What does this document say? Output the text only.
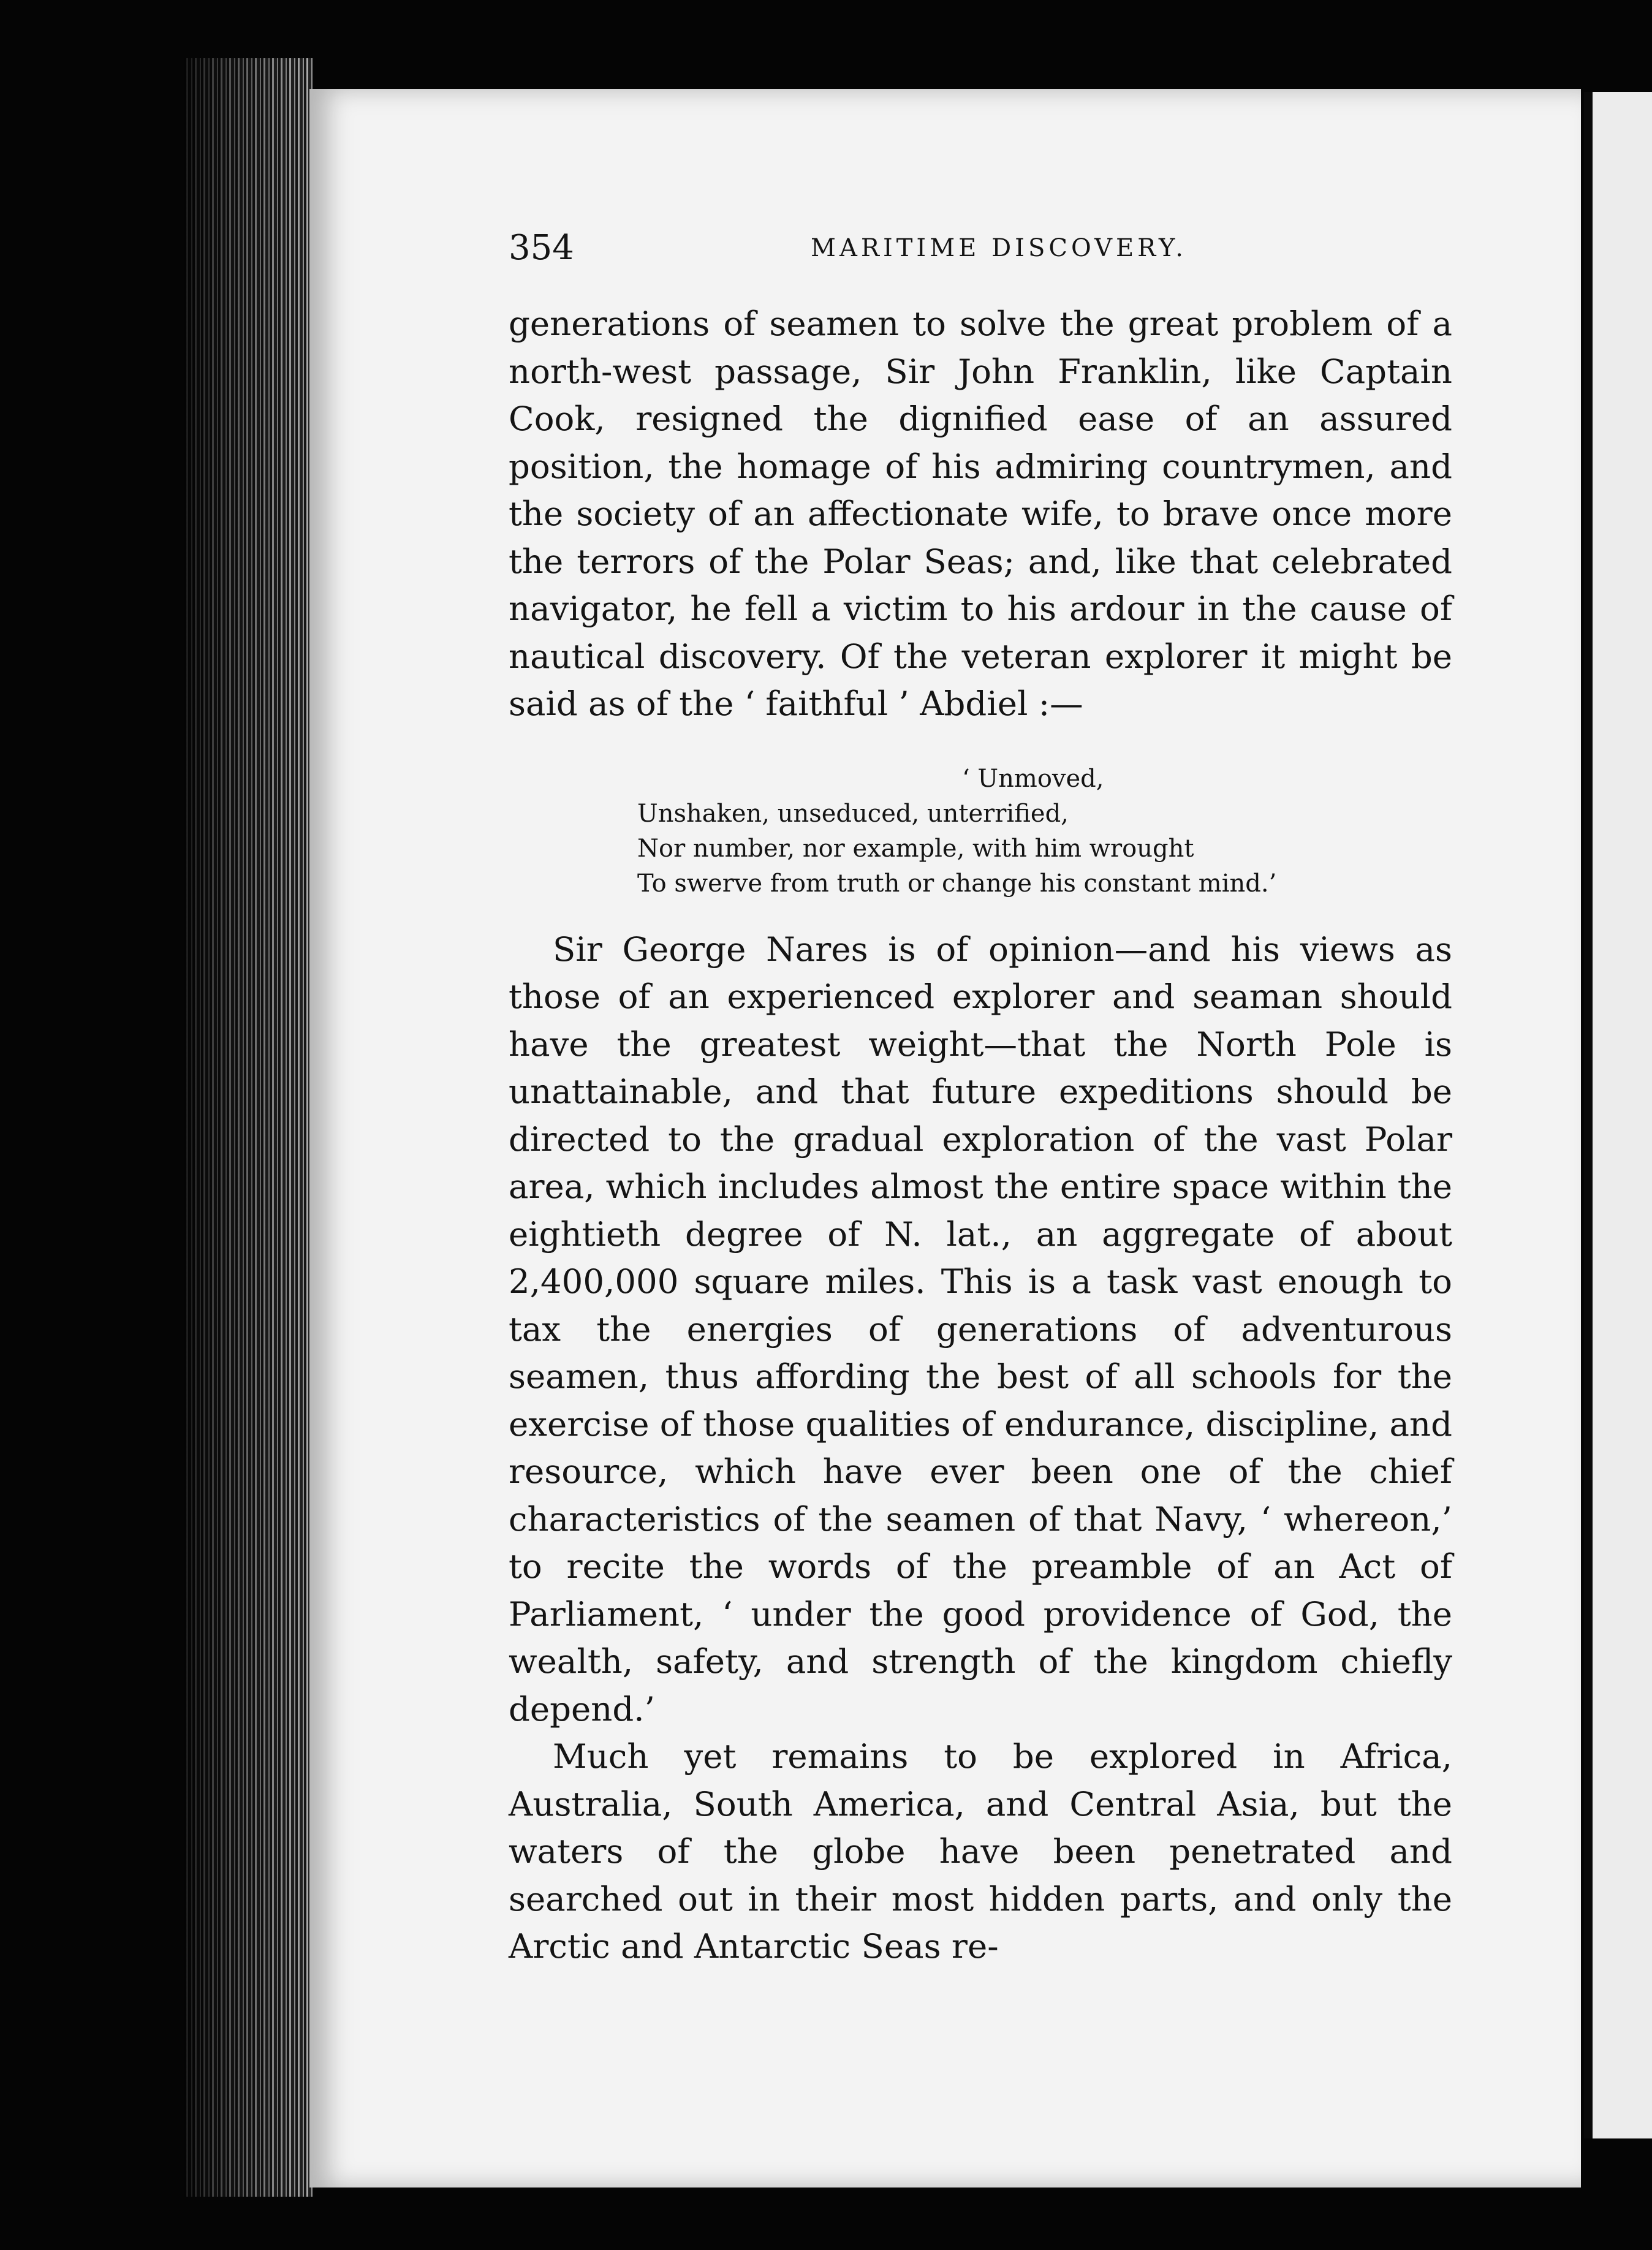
354	MARITIME DISCOVERY.

generations of seamen to solve the great problem of a north-west passage, Sir John Franklin, like Captain Cook, resigned the dignified ease of an assured position, the homage of his admiring countrymen, and the society of an affectionate wife, to brave once more the terrors of the Polar Seas; and, like that celebrated navigator, he fell a victim to his ardour in the cause of nautical discovery. Of the veteran explorer it might be said as of the ‘ faithful ’ Abdiel :—

‘ Unmoved,
Unshaken, unseduced, unterrified,
Nor number, nor example, with him wrought
To swerve from truth or change his constant mind.’

Sir George Nares is of opinion—and his views as those of an experienced explorer and seaman should have the greatest weight—that the North Pole is unattainable, and that future expeditions should be directed to the gradual exploration of the vast Polar area, which includes almost the entire space within the eightieth degree of N. lat., an aggregate of about 2,400,000 square miles. This is a task vast enough to tax the energies of generations of adventurous seamen, thus affording the best of all schools for the exercise of those qualities of endurance, discipline, and resource, which have ever been one of the chief characteristics of the seamen of that Navy, ‘ whereon,’ to recite the words of the preamble of an Act of Parliament, ‘ under the good providence of God, the wealth, safety, and strength of the kingdom chiefly depend.’

Much yet remains to be explored in Africa, Australia, South America, and Central Asia, but the waters of the globe have been penetrated and searched out in their most hidden parts, and only the Arctic and Antarctic Seas re-
